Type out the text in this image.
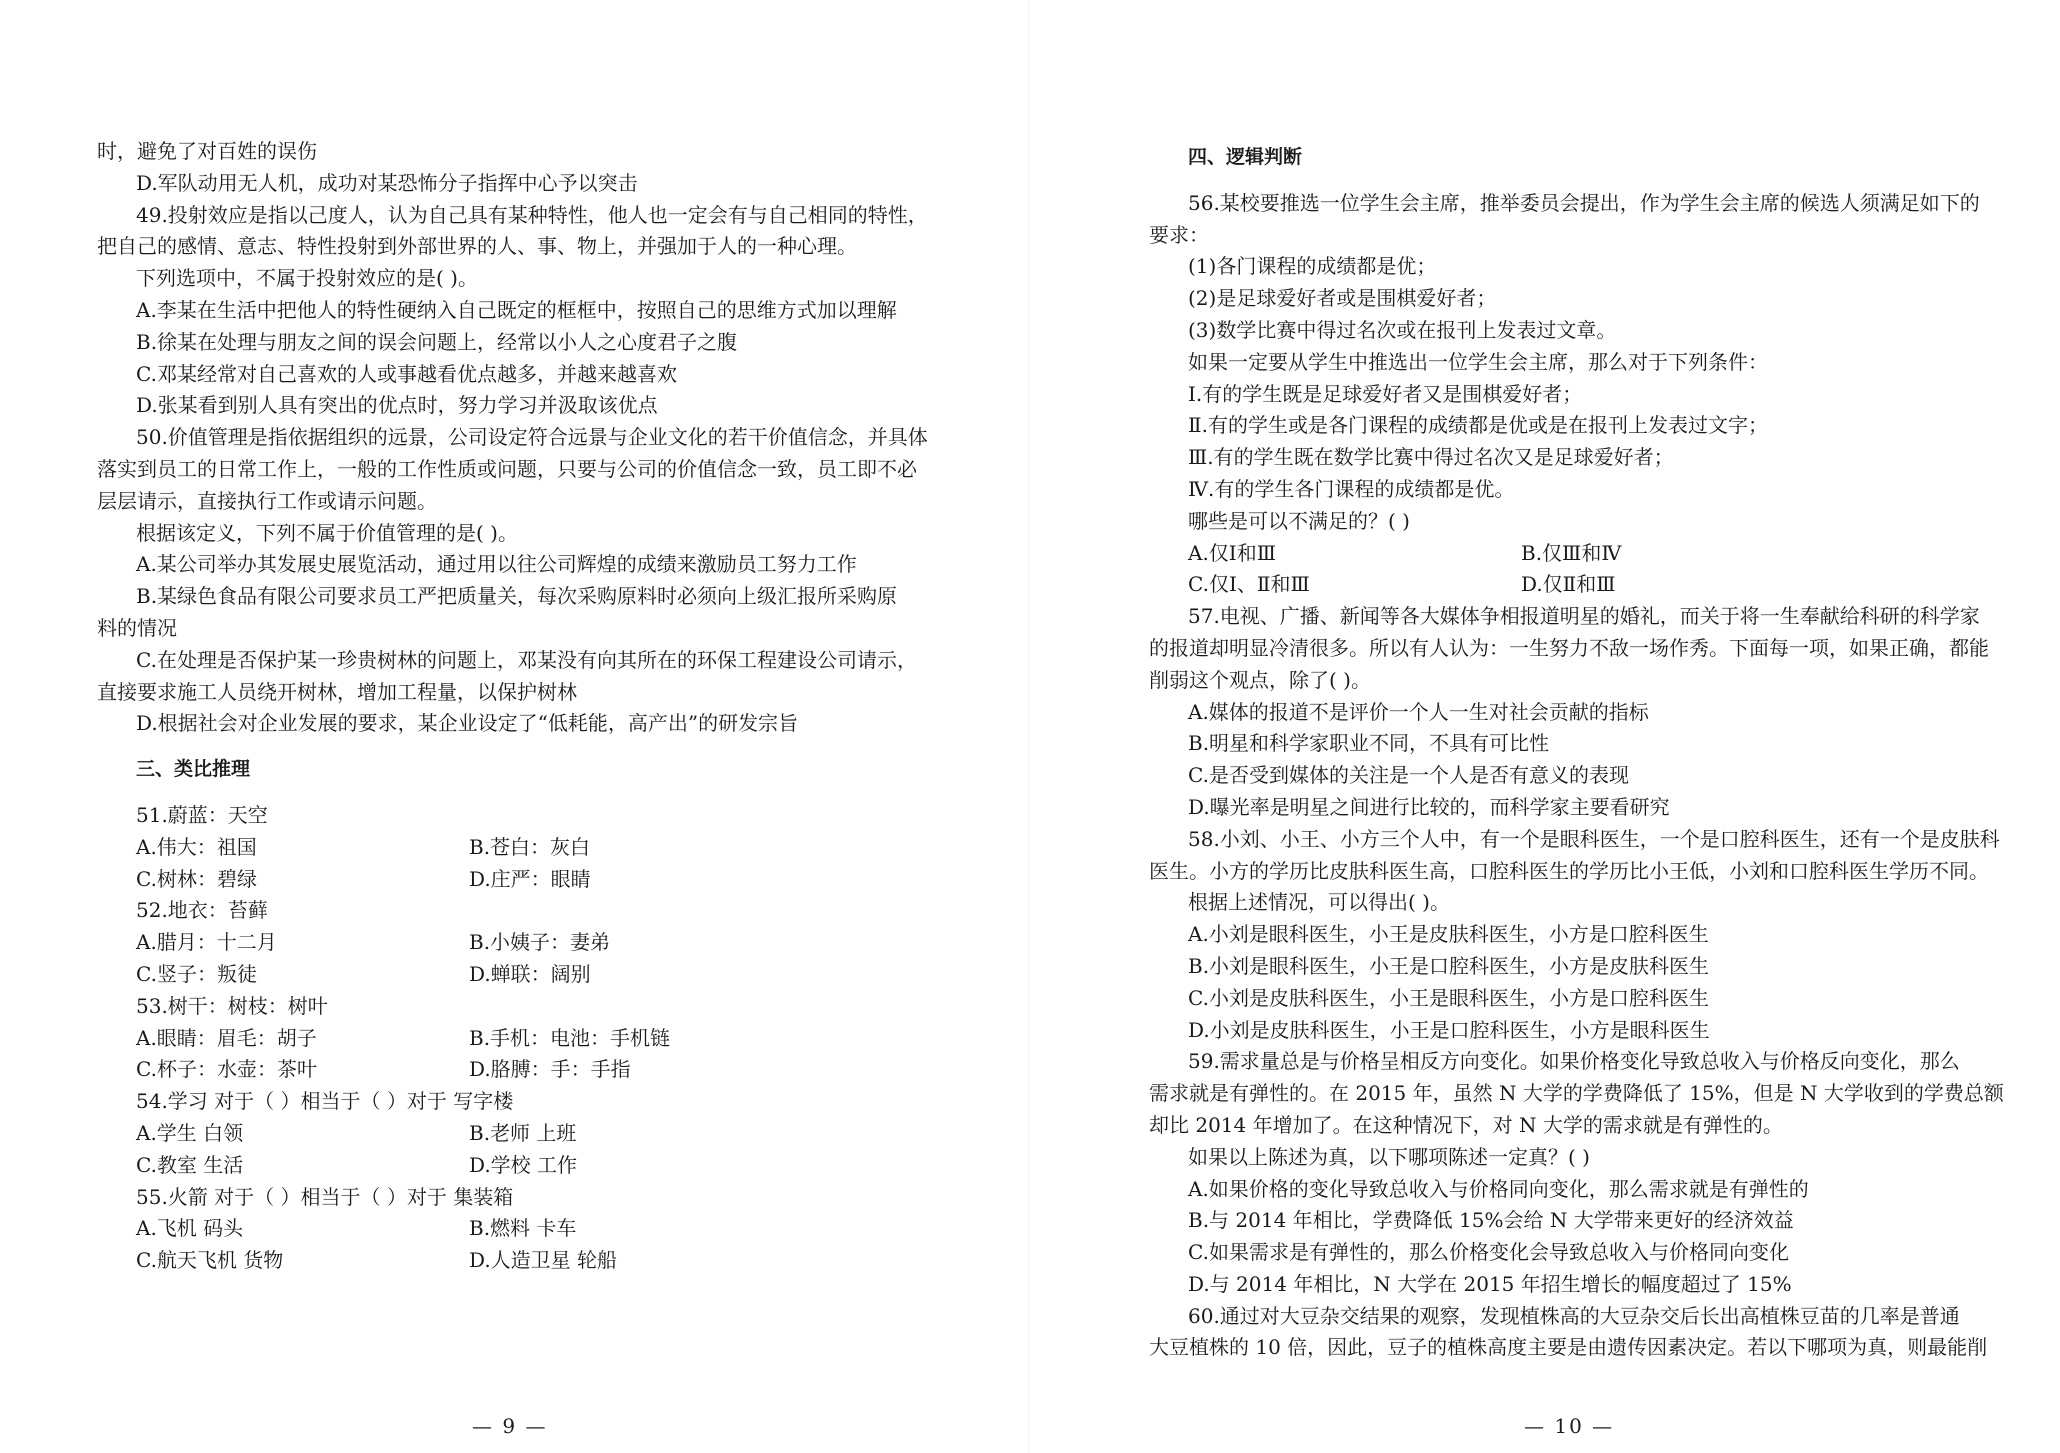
时，避免了对百姓的误伤
D.军队动用无人机，成功对某恐怖分子指挥中心予以突击
49.投射效应是指以己度人，认为自己具有某种特性，他人也一定会有与自己相同的特性，
把自己的感情、意志、特性投射到外部世界的人、事、物上，并强加于人的一种心理。
下列选项中，不属于投射效应的是( )。
A.李某在生活中把他人的特性硬纳入自己既定的框框中，按照自己的思维方式加以理解
B.徐某在处理与朋友之间的误会问题上，经常以小人之心度君子之腹
C.邓某经常对自己喜欢的人或事越看优点越多，并越来越喜欢
D.张某看到别人具有突出的优点时，努力学习并汲取该优点
50.价值管理是指依据组织的远景，公司设定符合远景与企业文化的若干价值信念，并具体
落实到员工的日常工作上，一般的工作性质或问题，只要与公司的价值信念一致，员工即不必
层层请示，直接执行工作或请示问题。
根据该定义，下列不属于价值管理的是( )。
A.某公司举办其发展史展览活动，通过用以往公司辉煌的成绩来激励员工努力工作
B.某绿色食品有限公司要求员工严把质量关，每次采购原料时必须向上级汇报所采购原
料的情况
C.在处理是否保护某一珍贵树林的问题上，邓某没有向其所在的环保工程建设公司请示，
直接要求施工人员绕开树林，增加工程量，以保护树林
D.根据社会对企业发展的要求，某企业设定了“低耗能，高产出”的研发宗旨
三、类比推理
51.蔚蓝：天空
A.伟大：祖国	B.苍白：灰白
C.树林：碧绿	D.庄严：眼睛
52.地衣：苔藓
A.腊月：十二月	B.小姨子：妻弟
C.竖子：叛徒	D.蝉联：阔别
53.树干：树枝：树叶
A.眼睛：眉毛：胡子	B.手机：电池：手机链
C.杯子：水壶：茶叶	D.胳膊：手：手指
54.学习 对于（ ）相当于（ ）对于 写字楼
A.学生 白领	B.老师 上班
C.教室 生活	D.学校 工作
55.火箭 对于（ ）相当于（ ）对于 集装箱
A.飞机 码头	B.燃料 卡车
C.航天飞机 货物	D.人造卫星 轮船
— 9 —
四、逻辑判断
56.某校要推选一位学生会主席，推举委员会提出，作为学生会主席的候选人须满足如下的
要求：
(1)各门课程的成绩都是优；
(2)是足球爱好者或是围棋爱好者；
(3)数学比赛中得过名次或在报刊上发表过文章。
如果一定要从学生中推选出一位学生会主席，那么对于下列条件：
Ⅰ.有的学生既是足球爱好者又是围棋爱好者；
Ⅱ.有的学生或是各门课程的成绩都是优或是在报刊上发表过文字；
Ⅲ.有的学生既在数学比赛中得过名次又是足球爱好者；
Ⅳ.有的学生各门课程的成绩都是优。
哪些是可以不满足的？( )
A.仅Ⅰ和Ⅲ	B.仅Ⅲ和Ⅳ
C.仅Ⅰ、Ⅱ和Ⅲ	D.仅Ⅱ和Ⅲ
57.电视、广播、新闻等各大媒体争相报道明星的婚礼，而关于将一生奉献给科研的科学家
的报道却明显冷清很多。所以有人认为：一生努力不敌一场作秀。下面每一项，如果正确，都能
削弱这个观点，除了( )。
A.媒体的报道不是评价一个人一生对社会贡献的指标
B.明星和科学家职业不同，不具有可比性
C.是否受到媒体的关注是一个人是否有意义的表现
D.曝光率是明星之间进行比较的，而科学家主要看研究
58.小刘、小王、小方三个人中，有一个是眼科医生，一个是口腔科医生，还有一个是皮肤科
医生。小方的学历比皮肤科医生高，口腔科医生的学历比小王低，小刘和口腔科医生学历不同。
根据上述情况，可以得出( )。
A.小刘是眼科医生，小王是皮肤科医生，小方是口腔科医生
B.小刘是眼科医生，小王是口腔科医生，小方是皮肤科医生
C.小刘是皮肤科医生，小王是眼科医生，小方是口腔科医生
D.小刘是皮肤科医生，小王是口腔科医生，小方是眼科医生
59.需求量总是与价格呈相反方向变化。如果价格变化导致总收入与价格反向变化，那么
需求就是有弹性的。在 2015 年，虽然 N 大学的学费降低了 15%，但是 N 大学收到的学费总额
却比 2014 年增加了。在这种情况下，对 N 大学的需求就是有弹性的。
如果以上陈述为真，以下哪项陈述一定真？( )
A.如果价格的变化导致总收入与价格同向变化，那么需求就是有弹性的
B.与 2014 年相比，学费降低 15%会给 N 大学带来更好的经济效益
C.如果需求是有弹性的，那么价格变化会导致总收入与价格同向变化
D.与 2014 年相比，N 大学在 2015 年招生增长的幅度超过了 15%
60.通过对大豆杂交结果的观察，发现植株高的大豆杂交后长出高植株豆苗的几率是普通
大豆植株的 10 倍，因此，豆子的植株高度主要是由遗传因素决定。若以下哪项为真，则最能削
— 10 —
